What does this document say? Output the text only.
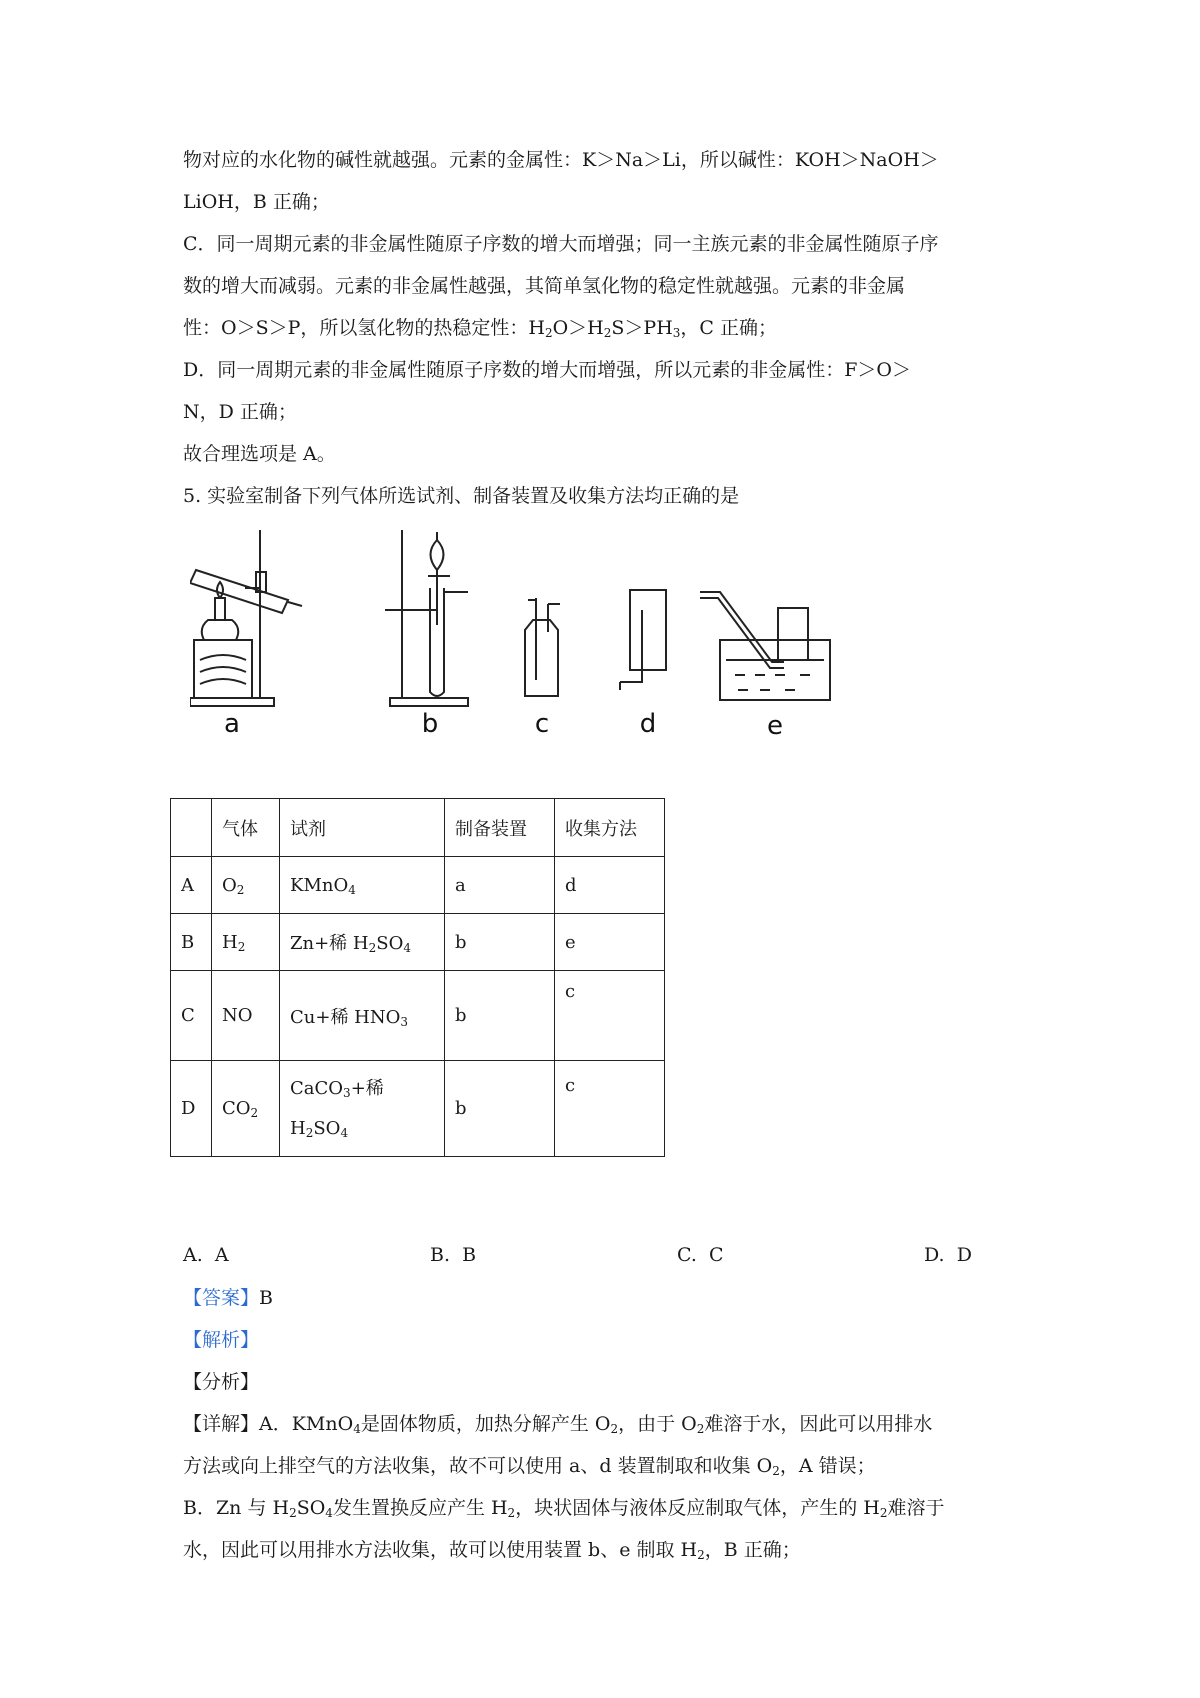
物对应的水化物的碱性就越强。元素的金属性：K＞Na＞Li，所以碱性：KOH＞NaOH＞
LiOH，B 正确；
C．同一周期元素的非金属性随原子序数的增大而增强；同一主族元素的非金属性随原子序
数的增大而减弱。元素的非金属性越强，其简单氢化物的稳定性就越强。元素的非金属
性：O＞S＞P，所以氢化物的热稳定性：$H_2O>H_2S>PH_3$，C 正确；
D．同一周期元素的非金属性随原子序数的增大而增强，所以元素的非金属性：F＞O＞
N，D 正确；
故合理选项是 A。
5. 实验室制备下列气体所选试剂、制备装置及收集方法均正确的是
a	b	c	d	e
	气体	试剂	制备装置	收集方法
A	$O_2$	KMnO$_4$	a	d
B	$H_2$	Zn+稀 $H_2SO_4$	b	e
C	NO	Cu+稀 $HNO_3$	b	c
D	$CO_2$	CaCO$_3$+稀
$H_2SO_4$	b	c
A. A	B. B	C. C	D. D
【答案】B
【解析】
【分析】
【详解】A．KMnO$_4$是固体物质，加热分解产生 $O_2$，由于 $O_2$难溶于水，因此可以用排水
方法或向上排空气的方法收集，故不可以使用 a、d 装置制取和收集 $O_2$，A 错误；
B．Zn 与 $H_2SO_4$发生置换反应产生 $H_2$，块状固体与液体反应制取气体，产生的 $H_2$难溶于
水，因此可以用排水方法收集，故可以使用装置 b、e 制取 $H_2$，B 正确；
